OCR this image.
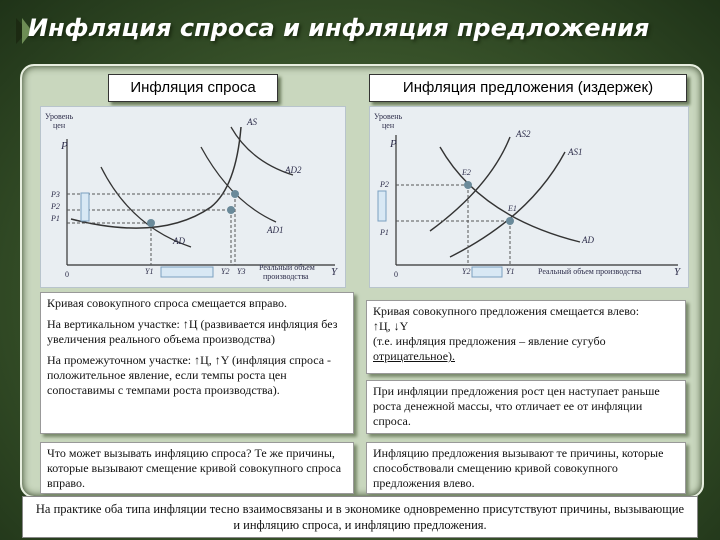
Инфляция спроса и инфляция предложения
Инфляция спроса	Инфляция предложения (издержек)
Уровень
цен
P
0	Y
AS
AD
AD1
AD2
P3
P2
P1
Y1	Y2 Y3 Реальный объем
производства
Уровень
цен
P
0	Y
AD
AS2
AS1
E2
E1
P2
P1
Y2	Y1	Реальный объем производства

Кривая совокупного спроса смещается вправо.

На вертикальном участке: ↑Ц (развивается инфляция без увеличения реального объема производства)

На промежуточном участке: ↑Ц, ↑Y (инфляция спроса - положительное явление, если темпы роста цен сопоставимы с темпами роста производства).

Что может вызывать инфляцию спроса? Те же причины, которые вызывают смещение кривой совокупного спроса вправо.
Кривая совокупного предложения смещается влево:
↑Ц, ↓Y
(т.е. инфляция предложения – явление сугубо
отрицательное).
При инфляции предложения рост цен наступает раньше роста денежной массы, что отличает ее от инфляции спроса.
Инфляцию предложения вызывают те причины, которые способствовали смещению кривой совокупного предложения влево.
На практике оба типа инфляции тесно взаимосвязаны и в экономике одновременно присутствуют причины, вызывающие и инфляцию спроса, и инфляцию предложения.
